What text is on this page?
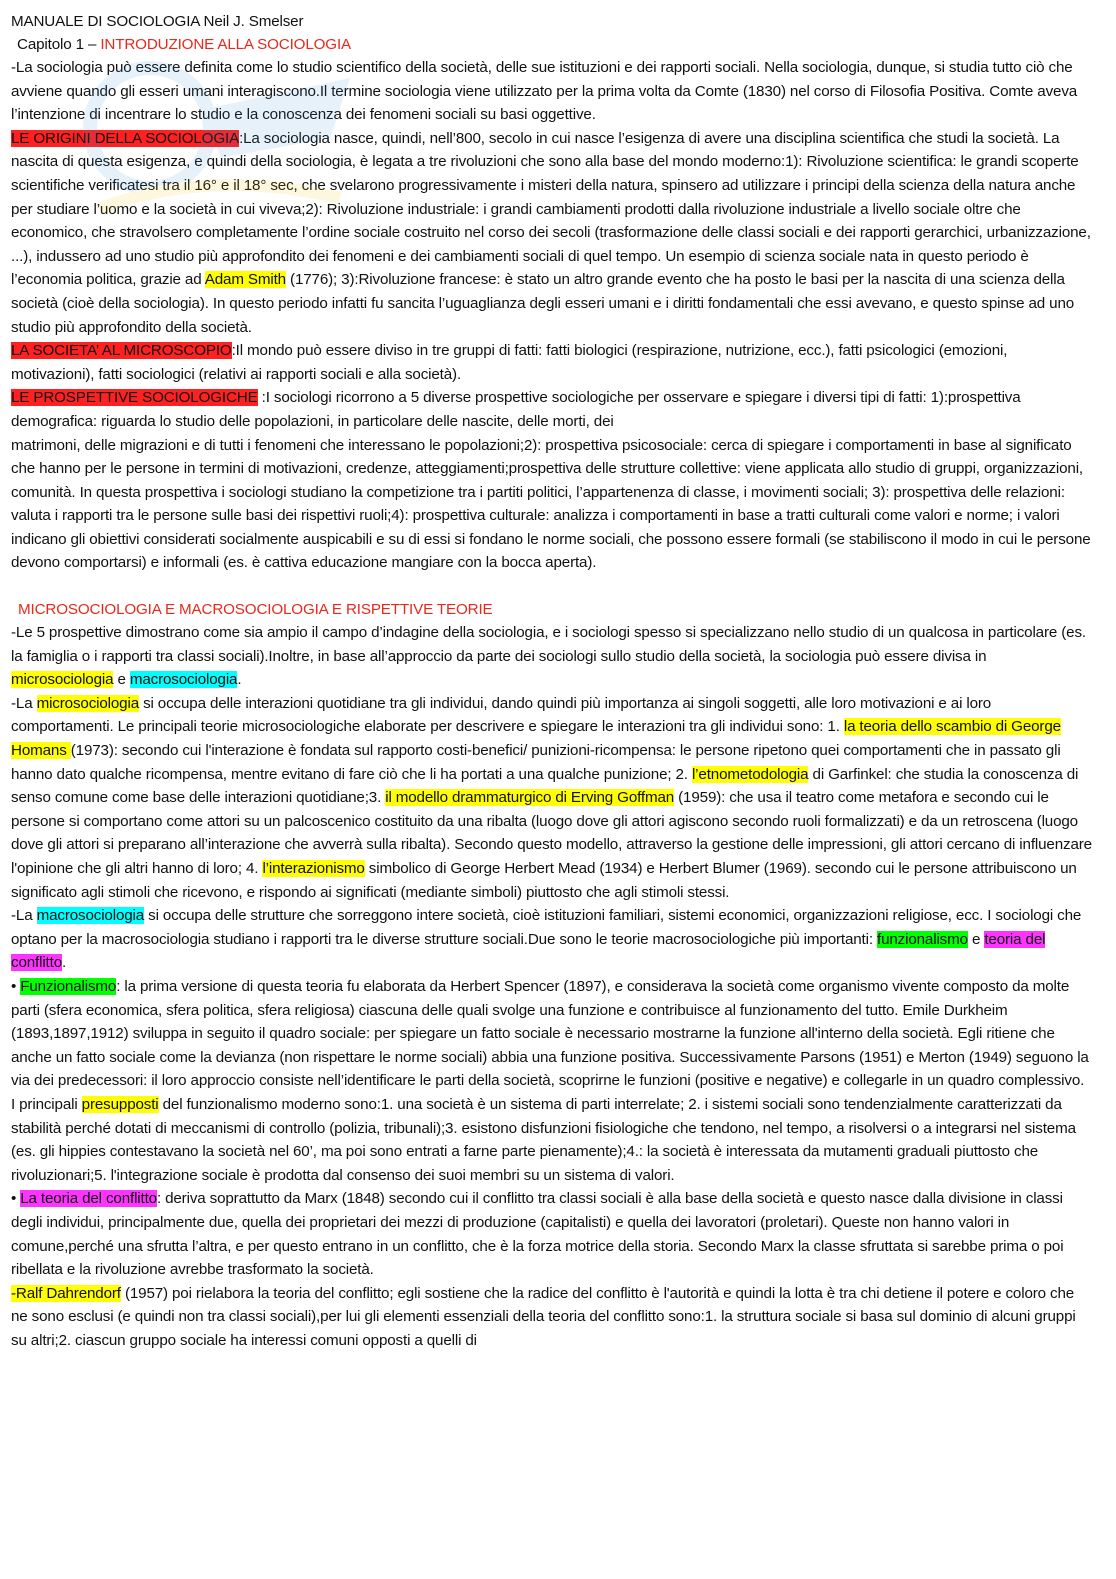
MANUALE DI SOCIOLOGIA Neil J. Smelser

Capitolo 1 – INTRODUZIONE ALLA SOCIOLOGIA

-La sociologia può essere definita come lo studio scientifico della società, delle sue istituzioni e dei rapporti sociali. Nella sociologia, dunque, si studia tutto ciò che avviene quando gli esseri umani interagiscono.Il termine sociologia viene utilizzato per la prima volta da Comte (1830) nel corso di Filosofia Positiva. Comte aveva l’intenzione di incentrare lo studio e la conoscenza dei fenomeni sociali su basi oggettive.

LE ORIGINI DELLA SOCIOLOGIA:La sociologia nasce, quindi, nell’800, secolo in cui nasce l’esigenza di avere una disciplina scientifica che studi la società. La nascita di questa esigenza, e quindi della sociologia, è legata a tre rivoluzioni che sono alla base del mondo moderno:1): Rivoluzione scientifica: le grandi scoperte scientifiche verificatesi tra il 16° e il 18° sec, che svelarono progressivamente i misteri della natura, spinsero ad utilizzare i principi della scienza della natura anche per studiare l’uomo e la società in cui viveva;2): Rivoluzione industriale: i grandi cambiamenti prodotti dalla rivoluzione industriale a livello sociale oltre che economico, che stravolsero completamente l’ordine sociale costruito nel corso dei secoli (trasformazione delle classi sociali e dei rapporti gerarchici, urbanizzazione, ...), indussero ad uno studio più approfondito dei fenomeni e dei cambiamenti sociali di quel tempo. Un esempio di scienza sociale nata in questo periodo è l’economia politica, grazie ad Adam Smith (1776); 3):Rivoluzione francese: è stato un altro grande evento che ha posto le basi per la nascita di una scienza della società (cioè della sociologia). In questo periodo infatti fu sancita l’uguaglianza degli esseri umani e i diritti fondamentali che essi avevano, e questo spinse ad uno studio più approfondito della società.

LA SOCIETA’ AL MICROSCOPIO:Il mondo può essere diviso in tre gruppi di fatti: fatti biologici (respirazione, nutrizione, ecc.), fatti psicologici (emozioni, motivazioni), fatti sociologici (relativi ai rapporti sociali e alla società).

LE PROSPETTIVE SOCIOLOGICHE :I sociologi ricorrono a 5 diverse prospettive sociologiche per osservare e spiegare i diversi tipi di fatti: 1):prospettiva demografica: riguarda lo studio delle popolazioni, in particolare delle nascite, delle morti, dei

matrimoni, delle migrazioni e di tutti i fenomeni che interessano le popolazioni;2): prospettiva psicosociale: cerca di spiegare i comportamenti in base al significato che hanno per le persone in termini di motivazioni, credenze, atteggiamenti;prospettiva delle strutture collettive: viene applicata allo studio di gruppi, organizzazioni, comunità. In questa prospettiva i sociologi studiano la competizione tra i partiti politici, l’appartenenza di classe, i movimenti sociali; 3): prospettiva delle relazioni: valuta i rapporti tra le persone sulle basi dei rispettivi ruoli;4): prospettiva culturale: analizza i comportamenti in base a tratti culturali come valori e norme; i valori indicano gli obiettivi considerati socialmente auspicabili e su di essi si fondano le norme sociali, che possono essere formali (se stabiliscono il modo in cui le persone devono comportarsi) e informali (es. è cattiva educazione mangiare con la bocca aperta).

MICROSOCIOLOGIA E MACROSOCIOLOGIA E RISPETTIVE TEORIE

-Le 5 prospettive dimostrano come sia ampio il campo d’indagine della sociologia, e i sociologi spesso si specializzano nello studio di un qualcosa in particolare (es. la famiglia o i rapporti tra classi sociali).Inoltre, in base all’approccio da parte dei sociologi sullo studio della società, la sociologia può essere divisa in microsociologia e macrosociologia.

-La microsociologia si occupa delle interazioni quotidiane tra gli individui, dando quindi più importanza ai singoli soggetti, alle loro motivazioni e ai loro comportamenti. Le principali teorie microsociologiche elaborate per descrivere e spiegare le interazioni tra gli individui sono: 1. la teoria dello scambio di George Homans (1973): secondo cui l'interazione è fondata sul rapporto costi-benefici/ punizioni-ricompensa: le persone ripetono quei comportamenti che in passato gli hanno dato qualche ricompensa, mentre evitano di fare ciò che li ha portati a una qualche punizione; 2. l’etnometodologia di Garfinkel: che studia la conoscenza di senso comune come base delle interazioni quotidiane;3. il modello drammaturgico di Erving Goffman (1959): che usa il teatro come metafora e secondo cui le persone si comportano come attori su un palcoscenico costituito da una ribalta (luogo dove gli attori agiscono secondo ruoli formalizzati) e da un retroscena (luogo dove gli attori si preparano all’interazione che avverrà sulla ribalta). Secondo questo modello, attraverso la gestione delle impressioni, gli attori cercano di influenzare l'opinione che gli altri hanno di loro; 4. l’interazionismo simbolico di George Herbert Mead (1934) e Herbert Blumer (1969). secondo cui le persone attribuiscono un significato agli stimoli che ricevono, e rispondo ai significati (mediante simboli) piuttosto che agli stimoli stessi.

-La macrosociologia si occupa delle strutture che sorreggono intere società, cioè istituzioni familiari, sistemi economici, organizzazioni religiose, ecc. I sociologi che optano per la macrosociologia studiano i rapporti tra le diverse strutture sociali.Due sono le teorie macrosociologiche più importanti: funzionalismo e teoria del conflitto.

• Funzionalismo: la prima versione di questa teoria fu elaborata da Herbert Spencer (1897), e considerava la società come organismo vivente composto da molte parti (sfera economica, sfera politica, sfera religiosa) ciascuna delle quali svolge una funzione e contribuisce al funzionamento del tutto. Emile Durkheim (1893,1897,1912) sviluppa in seguito il quadro sociale: per spiegare un fatto sociale è necessario mostrarne la funzione all'interno della società. Egli ritiene che anche un fatto sociale come la devianza (non rispettare le norme sociali) abbia una funzione positiva. Successivamente Parsons (1951) e Merton (1949) seguono la via dei predecessori: il loro approccio consiste nell’identificare le parti della società, scoprirne le funzioni (positive e negative) e collegarle in un quadro complessivo. I principali presupposti del funzionalismo moderno sono:1. una società è un sistema di parti interrelate; 2. i sistemi sociali sono tendenzialmente caratterizzati da stabilità perché dotati di meccanismi di controllo (polizia, tribunali);3. esistono disfunzioni fisiologiche che tendono, nel tempo, a risolversi o a integrarsi nel sistema (es. gli hippies contestavano la società nel 60’, ma poi sono entrati a farne parte pienamente);4.: la società è interessata da mutamenti graduali piuttosto che rivoluzionari;5. l'integrazione sociale è prodotta dal consenso dei suoi membri su un sistema di valori.

• La teoria del conflitto: deriva soprattutto da Marx (1848) secondo cui il conflitto tra classi sociali è alla base della società e questo nasce dalla divisione in classi degli individui, principalmente due, quella dei proprietari dei mezzi di produzione (capitalisti) e quella dei lavoratori (proletari). Queste non hanno valori in comune,perché una sfrutta l’altra, e per questo entrano in un conflitto, che è la forza motrice della storia. Secondo Marx la classe sfruttata si sarebbe prima o poi ribellata e la rivoluzione avrebbe trasformato la società.

-Ralf Dahrendorf (1957) poi rielabora la teoria del conflitto; egli sostiene che la radice del conflitto è l'autorità e quindi la lotta è tra chi detiene il potere e coloro che ne sono esclusi (e quindi non tra classi sociali),per lui gli elementi essenziali della teoria del conflitto sono:1. la struttura sociale si basa sul dominio di alcuni gruppi su altri;2. ciascun gruppo sociale ha interessi comuni opposti a quelli di
